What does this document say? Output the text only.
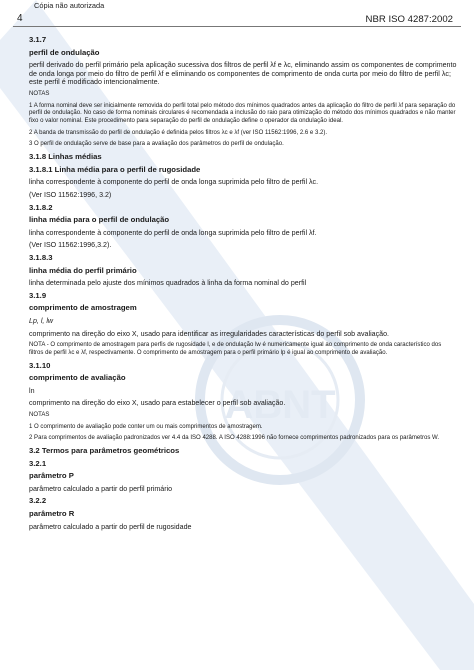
ABNT
Cópia não autorizada
4	NBR ISO 4287:2002

3.1.7

perfil de ondulação

perfil derivado do perfil primário pela aplicação sucessiva dos filtros de perfil λf e λc, eliminando assim os componentes de comprimento de onda longa por meio do filtro de perfil λf e eliminando os componentes de comprimento de onda curta por meio do filtro de perfil λc; este perfil é modificado intencionalmente.

NOTAS

1 A forma nominal deve ser inicialmente removida do perfil total pelo método dos mínimos quadrados antes da aplicação do filtro de perfil λf para separação do perfil de ondulação. No caso de forma nominais circulares é recomendada a inclusão do raio para otimização do método dos mínimos quadrados e não manter fixo o valor nominal. Este procedimento para separação do perfil de ondulação define o operador da ondulação ideal.

2 A banda de transmissão do perfil de ondulação é definida pelos filtros λc e λf (ver ISO 11562:1996, 2.6 e 3.2).

3 O perfil de ondulação serve de base para a avaliação dos parâmetros do perfil de ondulação.

3.1.8 Linhas médias

3.1.8.1 Linha média para o perfil de rugosidade

linha correspondente à componente do perfil de onda longa suprimida pelo filtro de perfil λc.

(Ver ISO 11562:1996, 3.2)

3.1.8.2

linha média para o perfil de ondulação

linha correspondente à componente do perfil de onda longa suprimida pelo filtro de perfil λf.

(Ver ISO 11562:1996,3.2).

3.1.8.3

linha média do perfil primário

linha determinada pelo ajuste dos mínimos quadrados à linha da forma nominal do perfil

3.1.9

comprimento de amostragem

Lp, l, lw

comprimento na direção do eixo X, usado para identificar as irregularidades características do perfil sob avaliação.

NOTA - O comprimento de amostragem para perfis de rugosidade l, e de ondulação lw é numericamente igual ao comprimento de onda característico dos filtros de perfil λc e λf, respectivamente. O comprimento de amostragem para o perfil primário lp é igual ao comprimento de avaliação.

3.1.10

comprimento de avaliação

ln

comprimento na direção do eixo X, usado para estabelecer o perfil sob avaliação.

NOTAS

1 O comprimento de avaliação pode conter um ou mais comprimentos de amostragem.

2 Para comprimentos de avaliação padronizados ver 4.4 da ISO 4288. A ISO 4288:1996 não fornece comprimentos padronizados para os parâmetros W.

3.2 Termos para parâmetros geométricos

3.2.1

parâmetro P

parâmetro calculado a partir do perfil primário

3.2.2

parâmetro R

parâmetro calculado a partir do perfil de rugosidade
